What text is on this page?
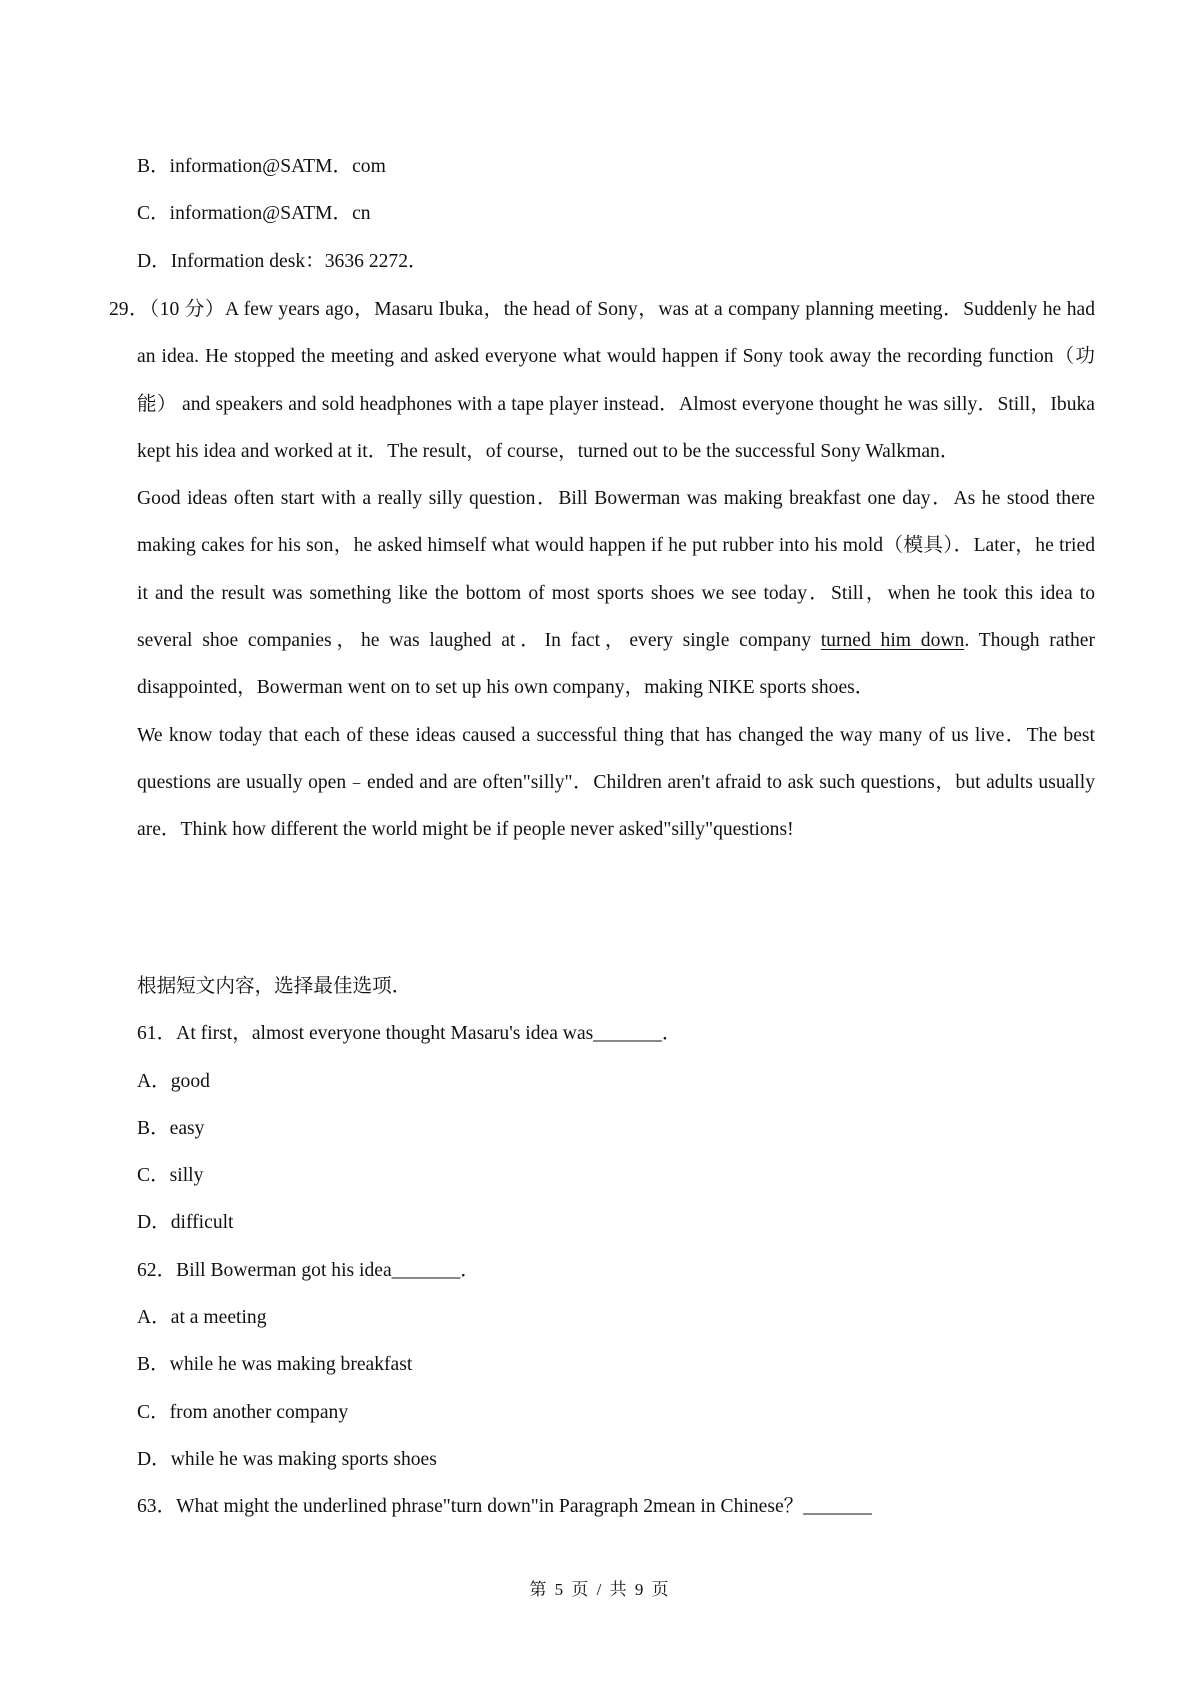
B．information@SATM．com
C．information@SATM．cn
D．Information desk：3636 2272．
29．（10 分）A few years ago，Masaru Ibuka，the head of Sony，was at a company planning meeting．Suddenly he had an idea. He stopped the meeting and asked everyone what would happen if Sony took away the recording function（功能） and speakers and sold headphones with a tape player instead．Almost everyone thought he was silly．Still，Ibuka kept his idea and worked at it．The result，of course，turned out to be the successful Sony Walkman．
Good ideas often start with a really silly question．Bill Bowerman was making breakfast one day．As he stood there making cakes for his son，he asked himself what would happen if he put rubber into his mold（模具）．Later，he tried it and the result was something like the bottom of most sports shoes we see today．Still，when he took this idea to several shoe companies，he was laughed at．In fact，every single company turned him down. Though rather disappointed，Bowerman went on to set up his own company，making NIKE sports shoes．
We know today that each of these ideas caused a successful thing that has changed the way many of us live．The best questions are usually open﹣ended and are often"silly"．Children aren't afraid to ask such questions，but adults usually are．Think how different the world might be if people never asked"silly"questions!
根据短文内容，选择最佳选项．
61．At first，almost everyone thought Masaru's idea was_______．
A．good
B．easy
C．silly
D．difficult
62．Bill Bowerman got his idea_______．
A．at a meeting
B．while he was making breakfast
C．from another company
D．while he was making sports shoes
63．What might the underlined phrase"turn down"in Paragraph 2mean in Chinese？_______
第 5 页 / 共 9 页
